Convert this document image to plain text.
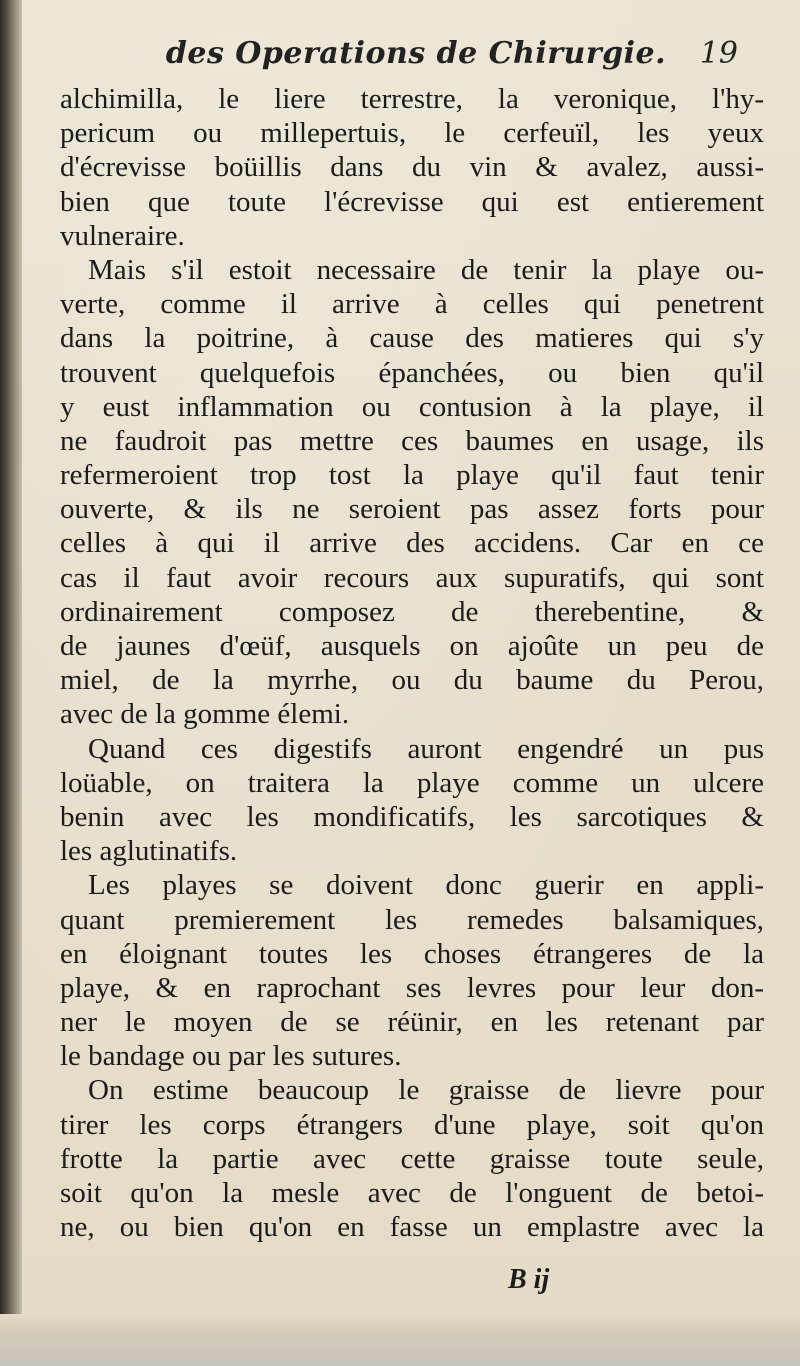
des Operations de Chirurgie.	19
alchimilla, le liere terrestre, la veronique, l'hy-
pericum ou millepertuis, le cerfeuïl, les yeux
d'écrevisse boüillis dans du vin & avalez, aussi-
bien que toute l'écrevisse qui est entierement
vulneraire.
Mais s'il estoit necessaire de tenir la playe ou-
verte, comme il arrive à celles qui penetrent
dans la poitrine, à cause des matieres qui s'y
trouvent quelquefois épanchées, ou bien qu'il
y eust inflammation ou contusion à la playe, il
ne faudroit pas mettre ces baumes en usage, ils
refermeroient trop tost la playe qu'il faut tenir
ouverte, & ils ne seroient pas assez forts pour
celles à qui il arrive des accidens. Car en ce
cas il faut avoir recours aux supuratifs, qui sont
ordinairement composez de therebentine, &
de jaunes d'œüf, ausquels on ajoûte un peu de
miel, de la myrrhe, ou du baume du Perou,
avec de la gomme élemi.
Quand ces digestifs auront engendré un pus
loüable, on traitera la playe comme un ulcere
benin avec les mondificatifs, les sarcotiques &
les aglutinatifs.
Les playes se doivent donc guerir en appli-
quant premierement les remedes balsamiques,
en éloignant toutes les choses étrangeres de la
playe, & en raprochant ses levres pour leur don-
ner le moyen de se réünir, en les retenant par
le bandage ou par les sutures.
On estime beaucoup le graisse de lievre pour
tirer les corps étrangers d'une playe, soit qu'on
frotte la partie avec cette graisse toute seule,
soit qu'on la mesle avec de l'onguent de betoi-
ne, ou bien qu'on en fasse un emplastre avec la
B ij
